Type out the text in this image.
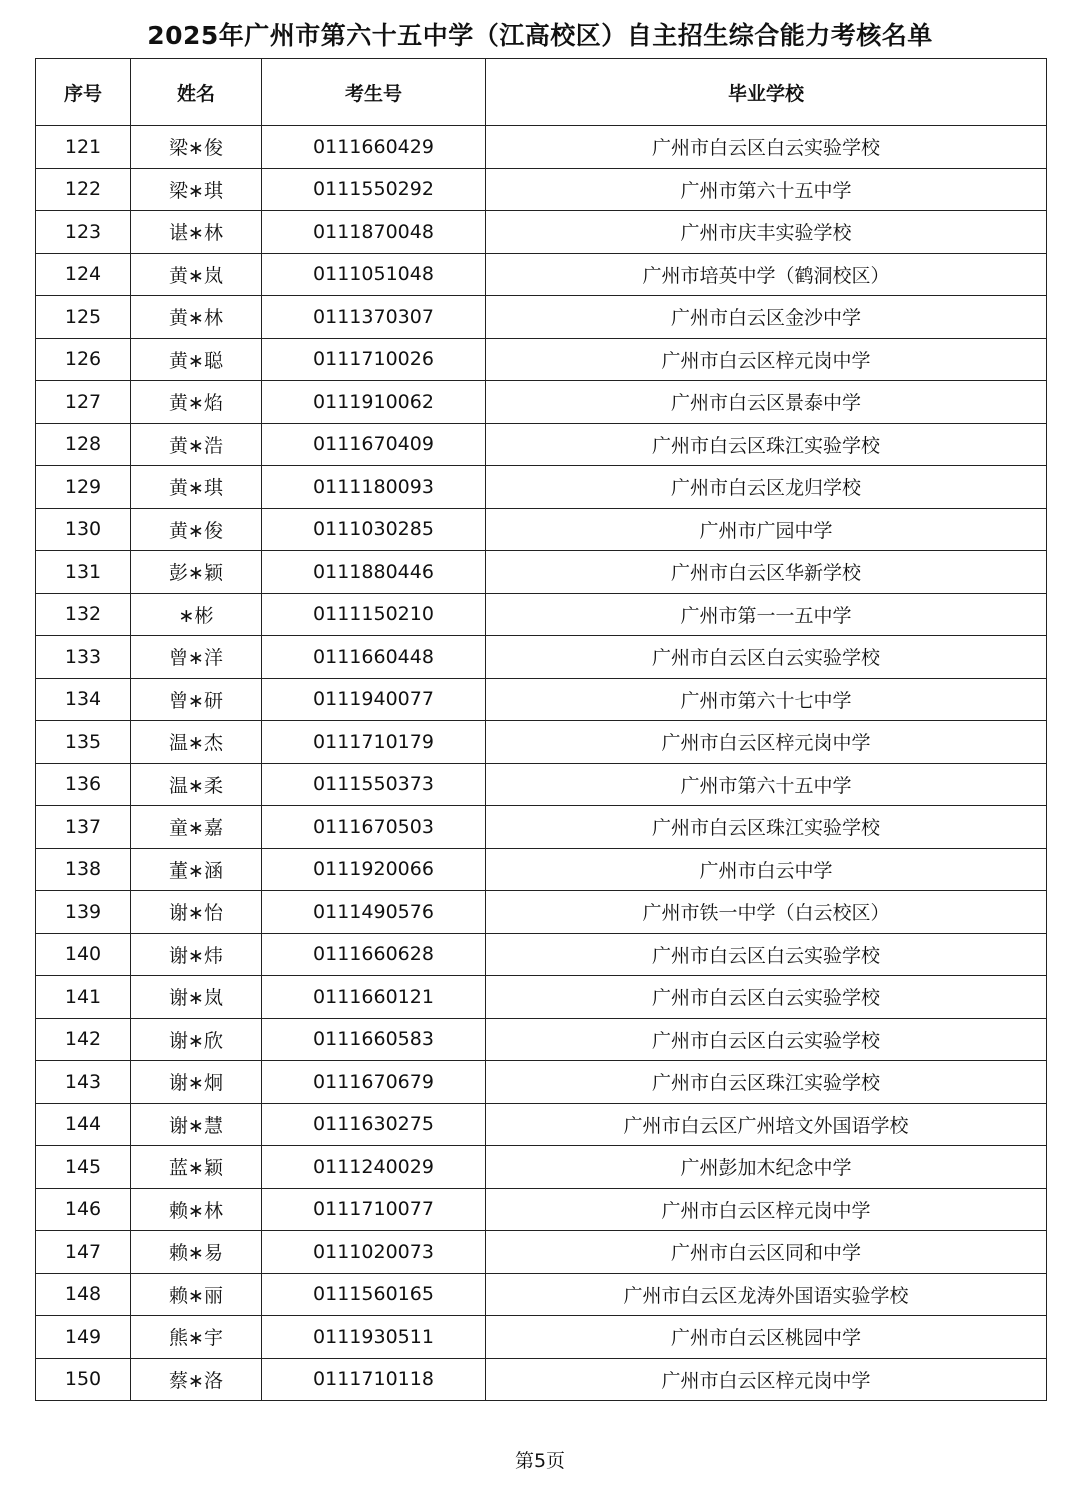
2025年广州市第六十五中学（江高校区）自主招生综合能力考核名单
序号	姓名	考生号	毕业学校
121	梁∗俊	0111660429	广州市白云区白云实验学校
122	梁∗琪	0111550292	广州市第六十五中学
123	谌∗林	0111870048	广州市庆丰实验学校
124	黄∗岚	0111051048	广州市培英中学（鹤洞校区）
125	黄∗林	0111370307	广州市白云区金沙中学
126	黄∗聪	0111710026	广州市白云区梓元岗中学
127	黄∗焰	0111910062	广州市白云区景泰中学
128	黄∗浩	0111670409	广州市白云区珠江实验学校
129	黄∗琪	0111180093	广州市白云区龙归学校
130	黄∗俊	0111030285	广州市广园中学
131	彭∗颖	0111880446	广州市白云区华新学校
132	∗彬	0111150210	广州市第一一五中学
133	曾∗洋	0111660448	广州市白云区白云实验学校
134	曾∗研	0111940077	广州市第六十七中学
135	温∗杰	0111710179	广州市白云区梓元岗中学
136	温∗柔	0111550373	广州市第六十五中学
137	童∗嘉	0111670503	广州市白云区珠江实验学校
138	董∗涵	0111920066	广州市白云中学
139	谢∗怡	0111490576	广州市铁一中学（白云校区）
140	谢∗炜	0111660628	广州市白云区白云实验学校
141	谢∗岚	0111660121	广州市白云区白云实验学校
142	谢∗欣	0111660583	广州市白云区白云实验学校
143	谢∗炯	0111670679	广州市白云区珠江实验学校
144	谢∗慧	0111630275	广州市白云区广州培文外国语学校
145	蓝∗颖	0111240029	广州彭加木纪念中学
146	赖∗林	0111710077	广州市白云区梓元岗中学
147	赖∗易	0111020073	广州市白云区同和中学
148	赖∗丽	0111560165	广州市白云区龙涛外国语实验学校
149	熊∗宇	0111930511	广州市白云区桃园中学
150	蔡∗洛	0111710118	广州市白云区梓元岗中学
第5页
